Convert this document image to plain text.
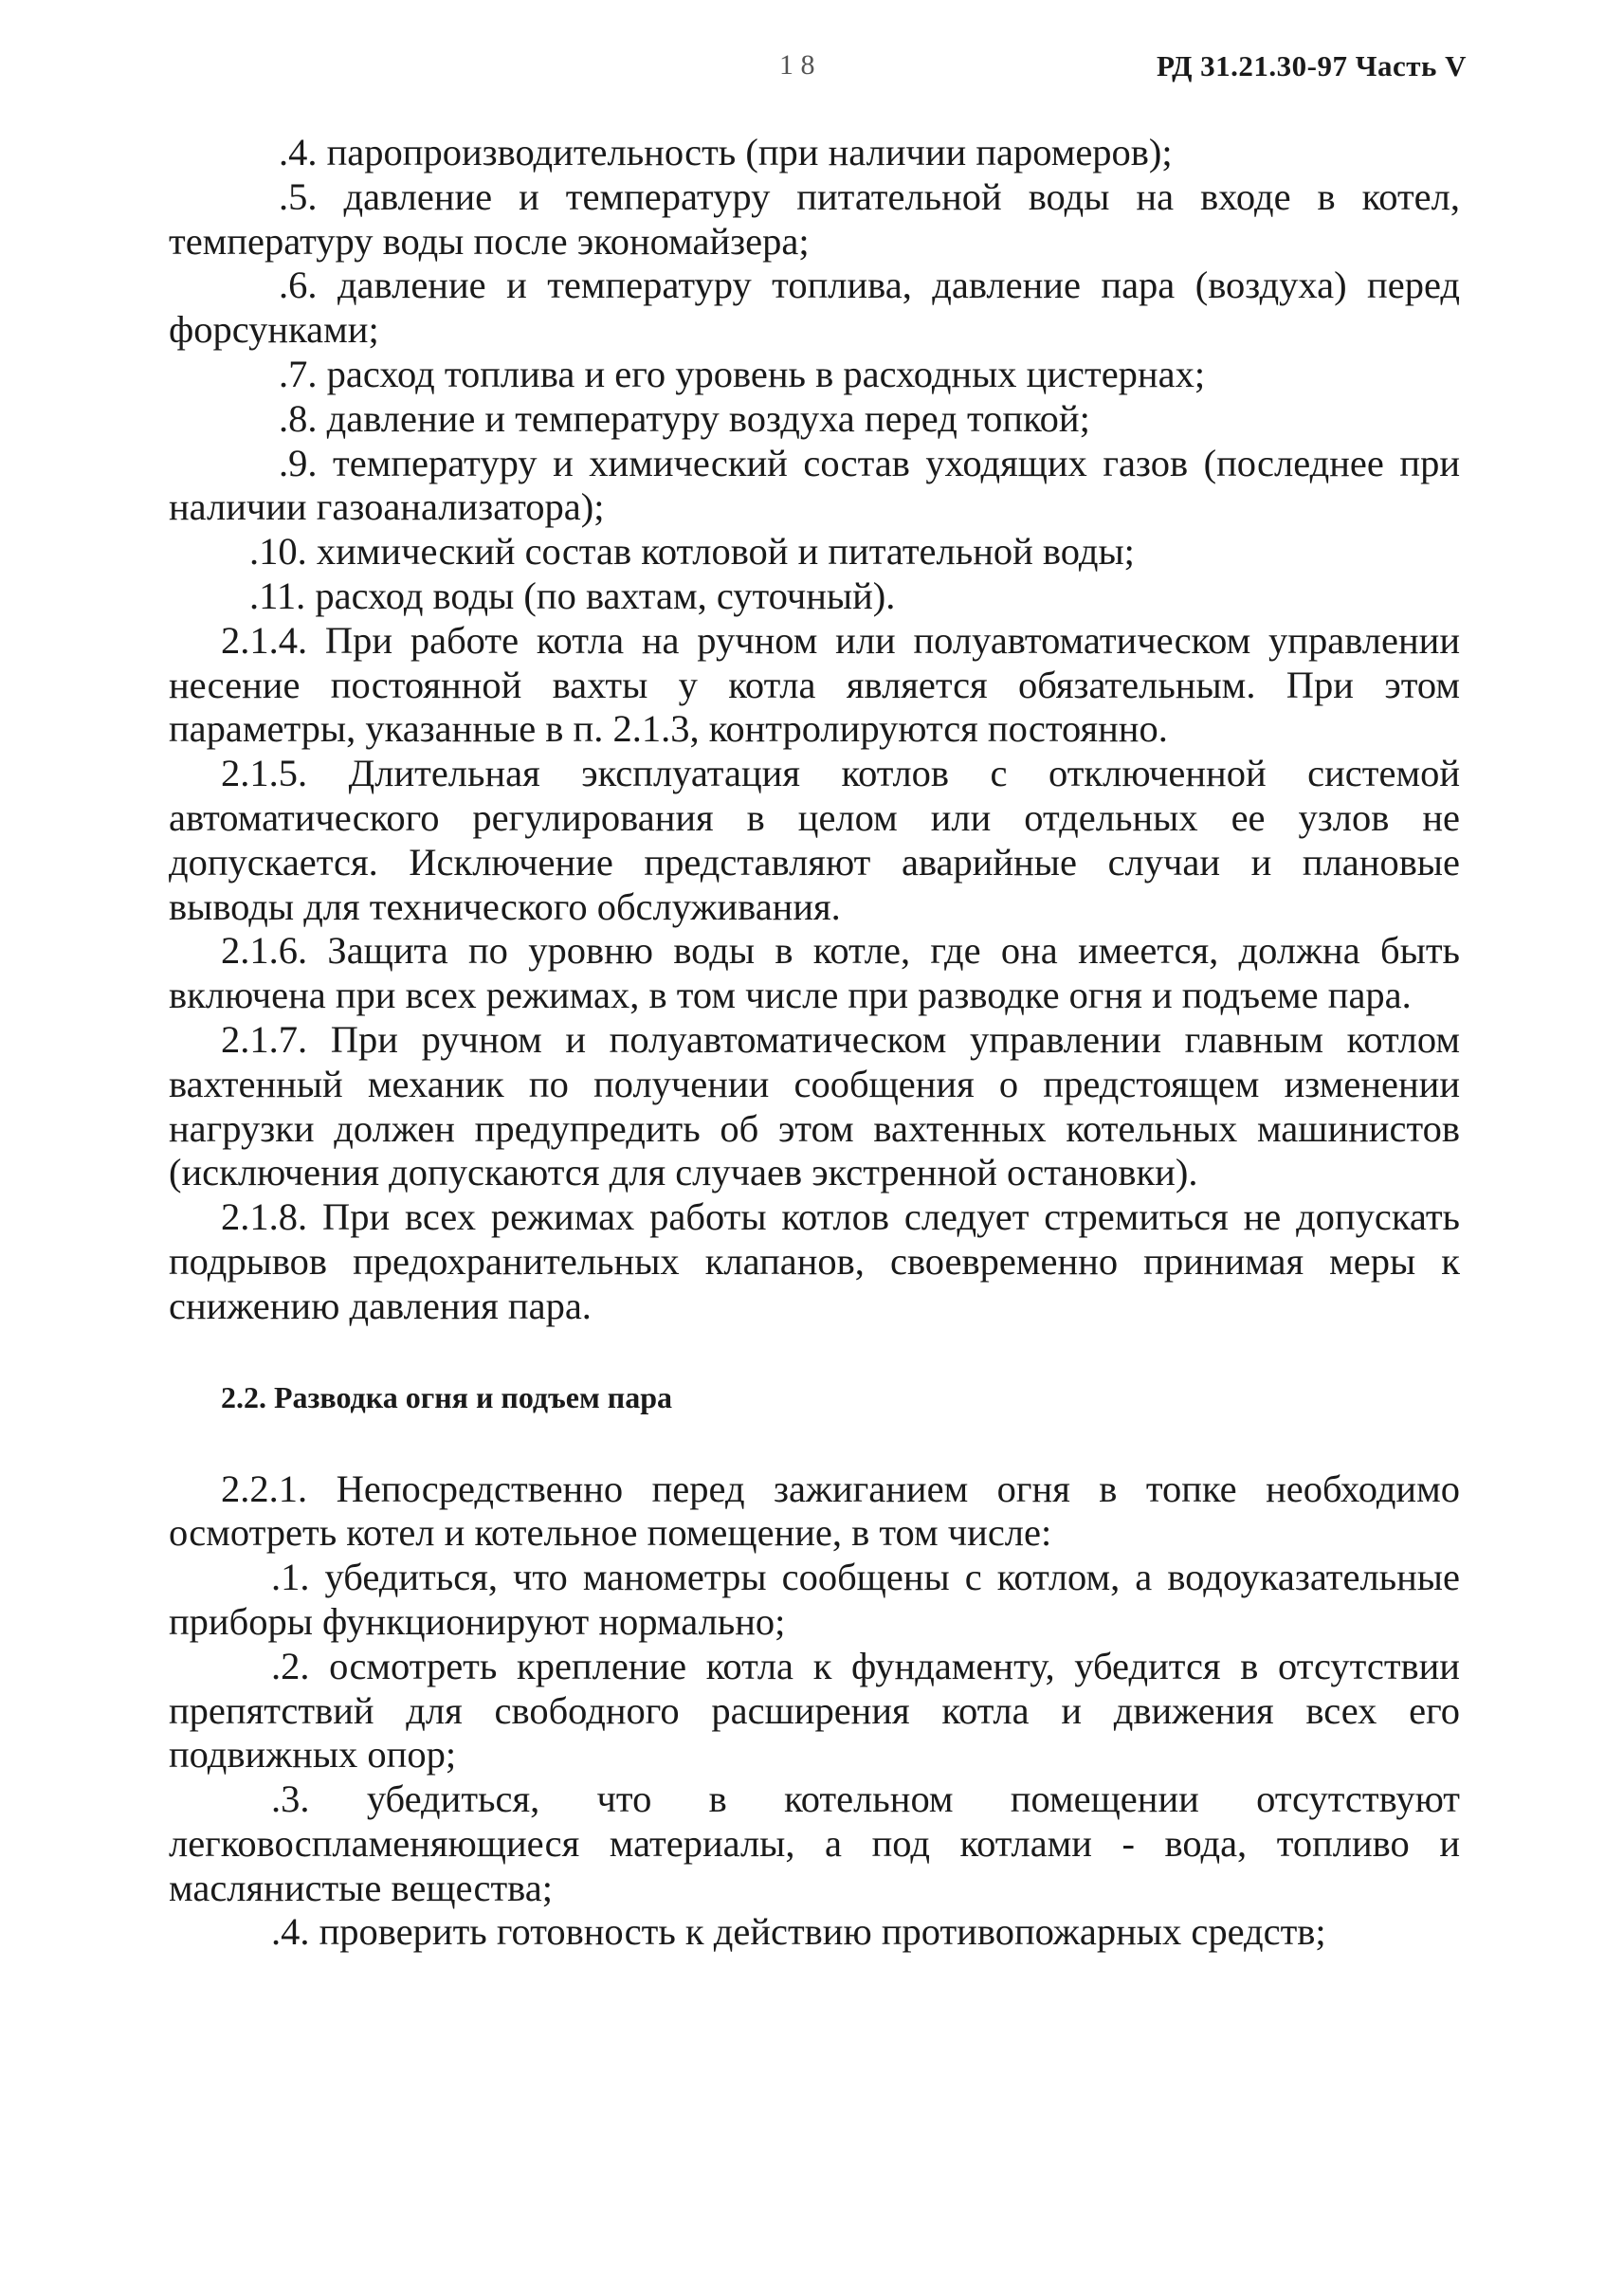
1 8	РД 31.21.30-97 Часть V

.4. паропроизводительность (при наличии паромеров);

.5. давление и температуру питательной воды на входе в котел, температуру воды после экономайзера;

.6. давление и температуру топлива, давление пара (воздуха) перед форсунками;

.7. расход топлива и его уровень в расходных цистернах;

.8. давление и температуру воздуха перед топкой;

.9. температуру и химический состав уходящих газов (последнее при наличии газоанализатора);

.10. химический состав котловой и питательной воды;

.11. расход воды (по вахтам, суточный).

2.1.4. При работе котла на ручном или полуавтоматическом управлении несение постоянной вахты у котла является обязательным. При этом параметры, указанные в п. 2.1.3, контролируются постоянно.

2.1.5. Длительная эксплуатация котлов с отключенной системой автоматического регулирования в целом или отдельных ее узлов не допускается. Исключение представляют аварийные случаи и плановые выводы для технического обслуживания.

2.1.6. Защита по уровню воды в котле, где она имеется, должна быть включена при всех режимах, в том числе при разводке огня и подъеме пара.

2.1.7. При ручном и полуавтоматическом управлении главным котлом вахтенный механик по получении сообщения о предстоящем изменении нагрузки должен предупредить об этом вахтенных котельных машинистов (исключения допускаются для случаев экстренной остановки).

2.1.8. При всех режимах работы котлов следует стремиться не допускать подрывов предохранительных клапанов, своевременно принимая меры к снижению давления пара.

2.2. Разводка огня и подъем пара

2.2.1. Непосредственно перед зажиганием огня в топке необходимо осмотреть котел и котельное помещение, в том числе:

.1. убедиться, что манометры сообщены с котлом, а водоуказательные приборы функционируют нормально;

.2. осмотреть крепление котла к фундаменту, убедится в отсутствии препятствий для свободного расширения котла и движения всех его подвижных опор;

.3. убедиться, что в котельном помещении отсутствуют легковоспламеняющиеся материалы, а под котлами - вода, топливо и маслянистые вещества;

.4. проверить готовность к действию противопожарных средств;
